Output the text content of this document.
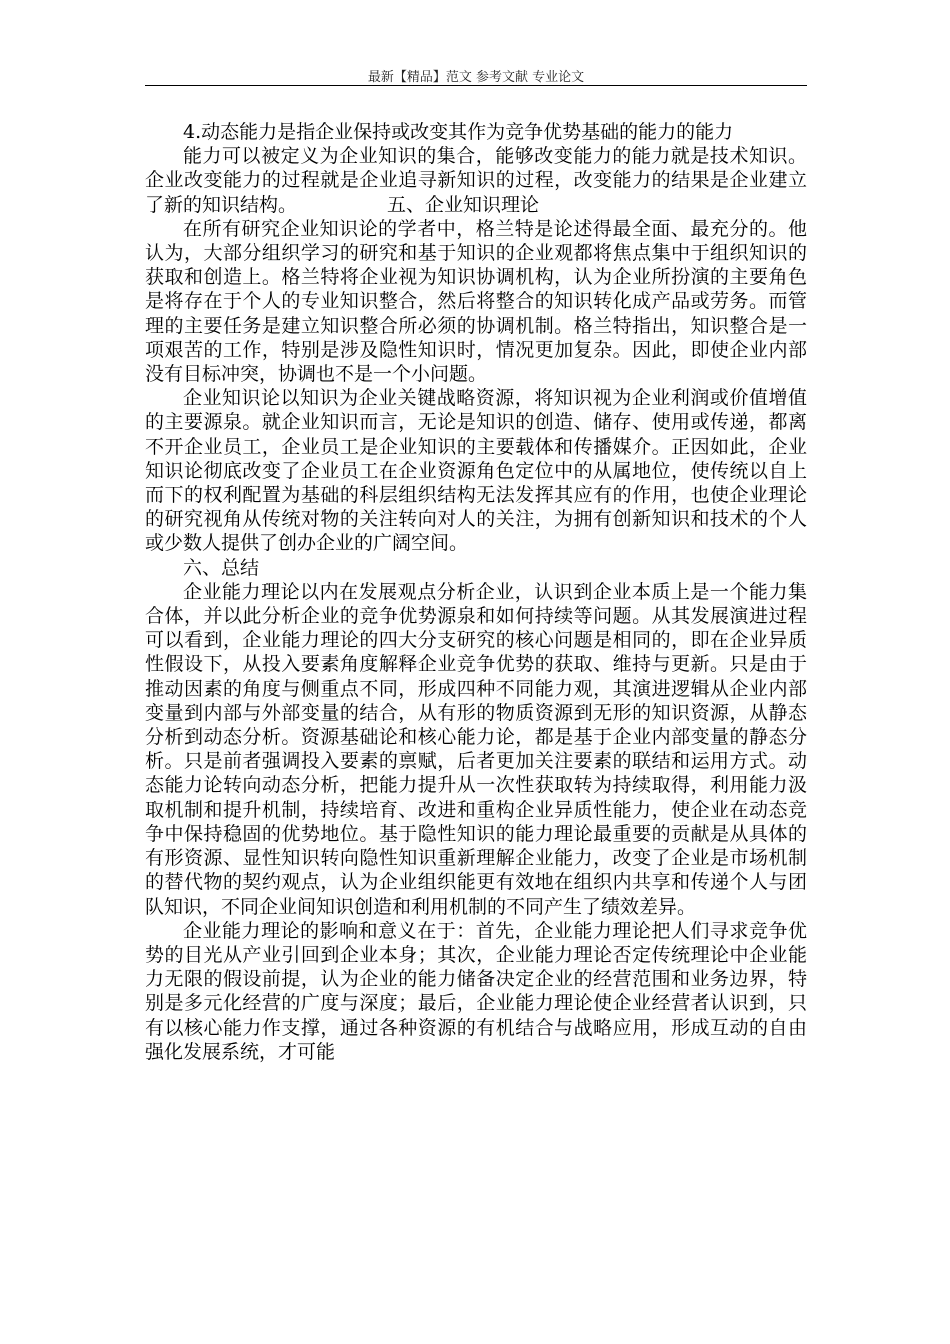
最新【精品】范文 参考文献 专业论文

4.动态能力是指企业保持或改变其作为竞争优势基础的能力的能力

能力可以被定义为企业知识的集合，能够改变能力的能力就是技术知识。企业改变能力的过程就是企业追寻新知识的过程，改变能力的结果是企业建立了新的知识结构。	五、企业知识理论

在所有研究企业知识论的学者中，格兰特是论述得最全面、最充分的。他认为，大部分组织学习的研究和基于知识的企业观都将焦点集中于组织知识的获取和创造上。格兰特将企业视为知识协调机构，认为企业所扮演的主要角色是将存在于个人的专业知识整合，然后将整合的知识转化成产品或劳务。而管理的主要任务是建立知识整合所必须的协调机制。格兰特指出，知识整合是一项艰苦的工作，特别是涉及隐性知识时，情况更加复杂。因此，即使企业内部没有目标冲突，协调也不是一个小问题。

企业知识论以知识为企业关键战略资源，将知识视为企业利润或价值增值的主要源泉。就企业知识而言，无论是知识的创造、储存、使用或传递，都离不开企业员工，企业员工是企业知识的主要载体和传播媒介。正因如此，企业知识论彻底改变了企业员工在企业资源角色定位中的从属地位，使传统以自上而下的权利配置为基础的科层组织结构无法发挥其应有的作用，也使企业理论的研究视角从传统对物的关注转向对人的关注，为拥有创新知识和技术的个人或少数人提供了创办企业的广阔空间。

六、总结

企业能力理论以内在发展观点分析企业，认识到企业本质上是一个能力集合体，并以此分析企业的竞争优势源泉和如何持续等问题。从其发展演进过程可以看到，企业能力理论的四大分支研究的核心问题是相同的，即在企业异质性假设下，从投入要素角度解释企业竞争优势的获取、维持与更新。只是由于推动因素的角度与侧重点不同，形成四种不同能力观，其演进逻辑从企业内部变量到内部与外部变量的结合，从有形的物质资源到无形的知识资源，从静态分析到动态分析。资源基础论和核心能力论，都是基于企业内部变量的静态分析。只是前者强调投入要素的禀赋，后者更加关注要素的联结和运用方式。动态能力论转向动态分析，把能力提升从一次性获取转为持续取得，利用能力汲取机制和提升机制，持续培育、改进和重构企业异质性能力，使企业在动态竞争中保持稳固的优势地位。基于隐性知识的能力理论最重要的贡献是从具体的有形资源、显性知识转向隐性知识重新理解企业能力，改变了企业是市场机制的替代物的契约观点，认为企业组织能更有效地在组织内共享和传递个人与团队知识，不同企业间知识创造和利用机制的不同产生了绩效差异。

企业能力理论的影响和意义在于：首先，企业能力理论把人们寻求竞争优势的目光从产业引回到企业本身；其次，企业能力理论否定传统理论中企业能力无限的假设前提，认为企业的能力储备决定企业的经营范围和业务边界，特别是多元化经营的广度与深度；最后，企业能力理论使企业经营者认识到，只有以核心能力作支撑，通过各种资源的有机结合与战略应用，形成互动的自由强化发展系统，才可能
